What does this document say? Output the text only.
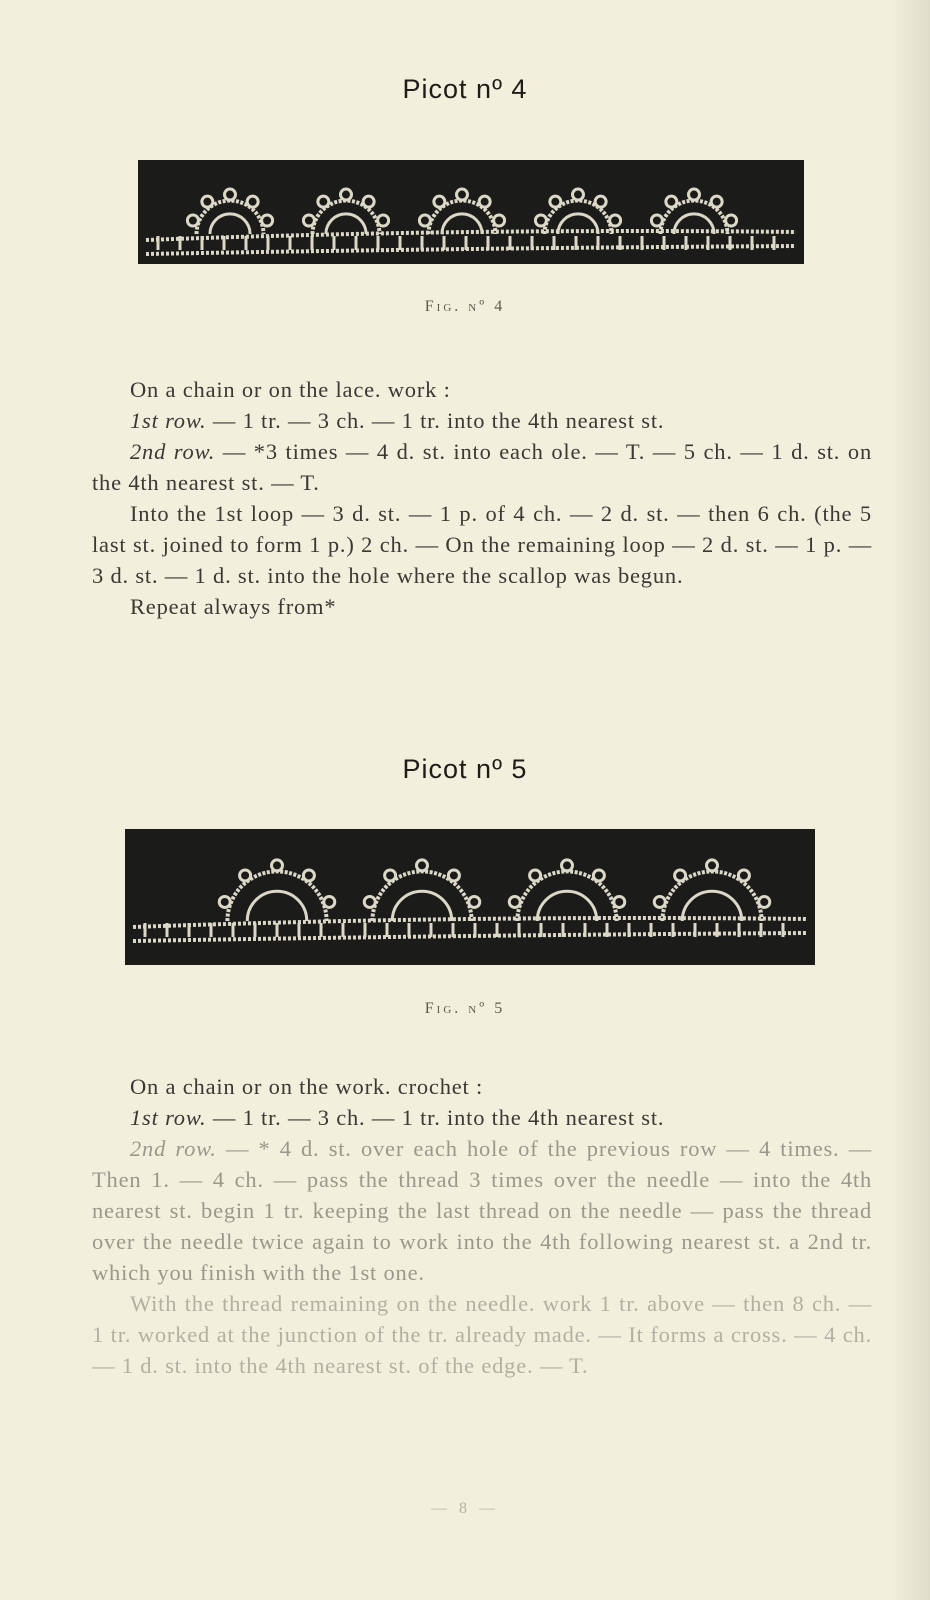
Picot nº 4
Fig. nº 4

On a chain or on the lace. work :

1st row. — 1 tr. — 3 ch. — 1 tr. into the 4th nearest st.

2nd row. — *3 times — 4 d. st. into each ole. — T. — 5 ch. — 1 d. st. on the 4th nearest st. — T.

Into the 1st loop — 3 d. st. — 1 p. of 4 ch. — 2 d. st. — then 6 ch. (the 5 last st. joined to form 1 p.) 2 ch. — On the remaining loop — 2 d. st. — 1 p. — 3 d. st. — 1 d. st. into the hole where the scallop was begun.

Repeat always from*

Picot nº 5
Fig. nº 5

On a chain or on the work. crochet :

1st row. — 1 tr. — 3 ch. — 1 tr. into the 4th nearest st.

2nd row. — * 4 d. st. over each hole of the previous row — 4 times. — Then 1. — 4 ch. — pass the thread 3 times over the needle — into the 4th nearest st. begin 1 tr. keeping the last thread on the needle — pass the thread over the needle twice again to work into the 4th following nearest st. a 2nd tr. which you finish with the 1st one.

With the thread remaining on the needle. work 1 tr. above — then 8 ch. — 1 tr. worked at the junction of the tr. already made. — It forms a cross. — 4 ch. — 1 d. st. into the 4th nearest st. of the edge. — T.

— 8 —
